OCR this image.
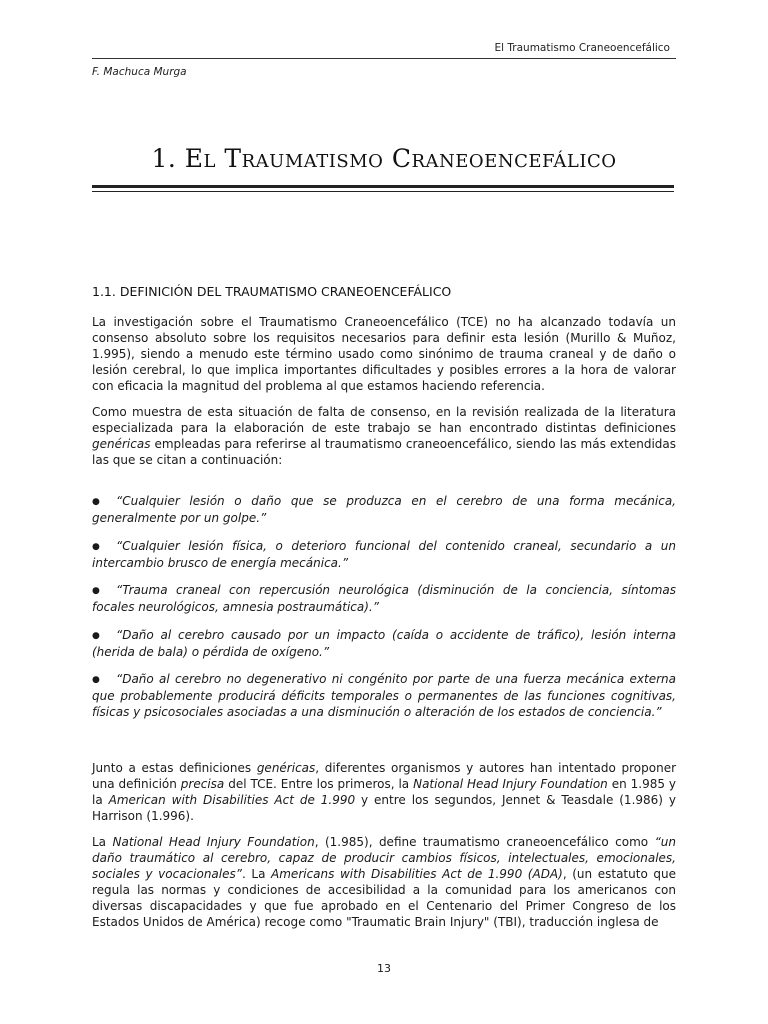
El Traumatismo Craneoencefálico
F. Machuca Murga
1. El Traumatismo Craneoencefálico
1.1. DEFINICIÓN DEL TRAUMATISMO CRANEOENCEFÁLICO

La investigación sobre el Traumatismo Craneoencefálico (TCE) no ha alcanzado todavía un consenso absoluto sobre los requisitos necesarios para definir esta lesión (Murillo & Muñoz, 1.995), siendo a menudo este término usado como sinónimo de trauma craneal y de daño o lesión cerebral, lo que implica importantes dificultades y posibles errores a la hora de valorar con eficacia la magnitud del problema al que estamos haciendo referencia.

Como muestra de esta situación de falta de consenso, en la revisión realizada de la literatura especializada para la elaboración de este trabajo se han encontrado distintas definiciones genéricas empleadas para referirse al traumatismo craneoencefálico, siendo las más extendidas las que se citan a continuación:

● “Cualquier lesión o daño que se produzca en el cerebro de una forma mecánica, generalmente por un golpe.”

● “Cualquier lesión física, o deterioro funcional del contenido craneal, secundario a un intercambio brusco de energía mecánica.”

● “Trauma craneal con repercusión neurológica (disminución de la conciencia, síntomas focales neurológicos, amnesia postraumática).”

● “Daño al cerebro causado por un impacto (caída o accidente de tráfico), lesión interna (herida de bala) o pérdida de oxígeno.”

● “Daño al cerebro no degenerativo ni congénito por parte de una fuerza mecánica externa que probablemente producirá déficits temporales o permanentes de las funciones cognitivas, físicas y psicosociales asociadas a una disminución o alteración de los estados de conciencia.”

Junto a estas definiciones genéricas, diferentes organismos y autores han intentado proponer una definición precisa del TCE. Entre los primeros, la National Head Injury Foundation en 1.985 y la American with Disabilities Act de 1.990 y entre los segundos, Jennet & Teasdale (1.986) y Harrison (1.996).

La National Head Injury Foundation, (1.985), define traumatismo craneoencefálico como “un daño traumático al cerebro, capaz de producir cambios físicos, intelectuales, emocionales, sociales y vocacionales”. La Americans with Disabilities Act de 1.990 (ADA), (un estatuto que regula las normas y condiciones de accesibilidad a la comunidad para los americanos con diversas discapacidades y que fue aprobado en el Centenario del Primer Congreso de los Estados Unidos de América) recoge como "Traumatic Brain Injury" (TBI), traducción inglesa de

13
